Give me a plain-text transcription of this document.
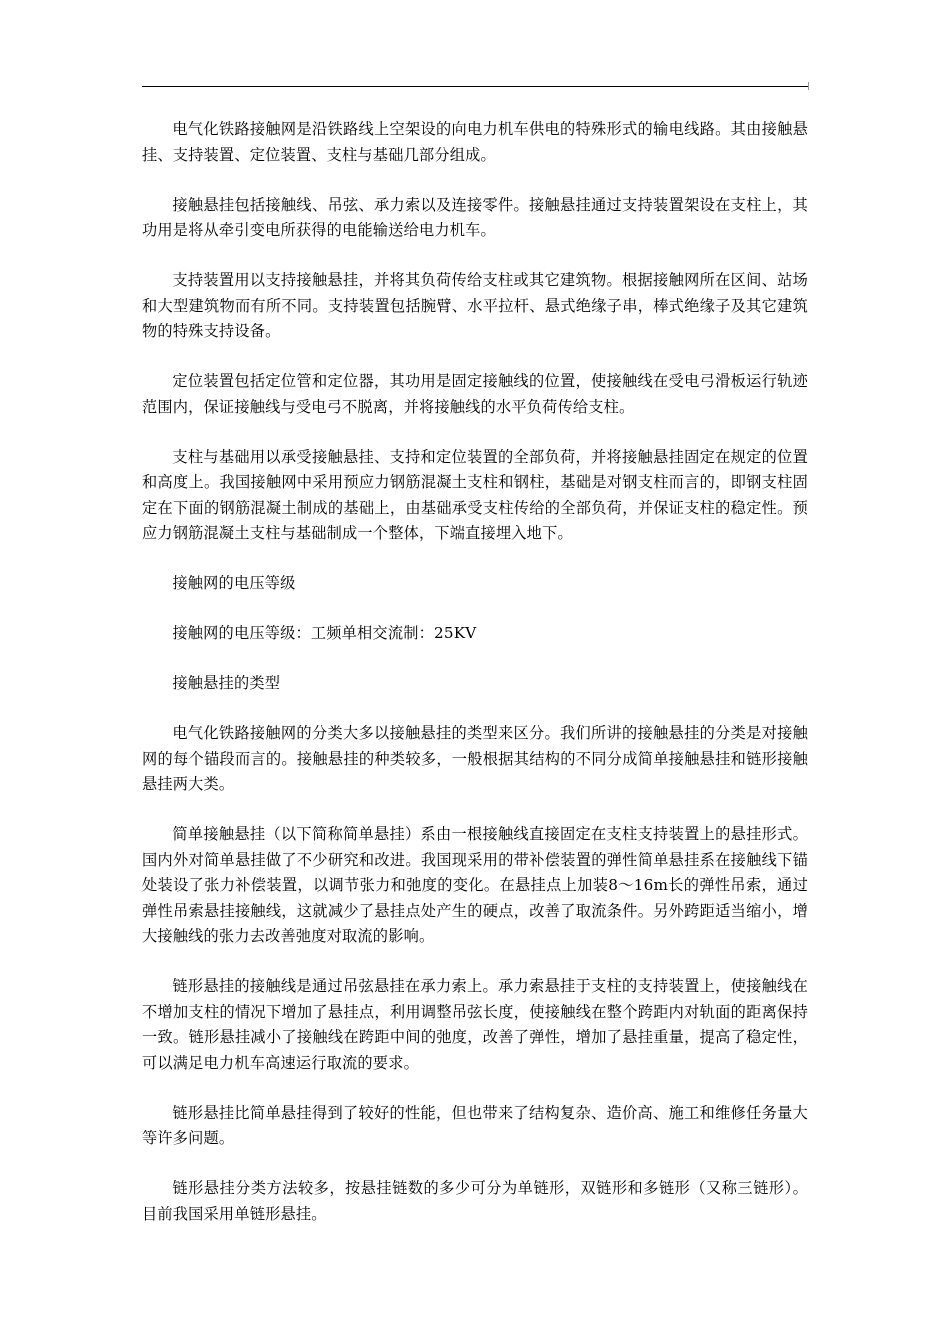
电气化铁路接触网是沿铁路线上空架设的向电力机车供电的特殊形式的输电线路。其由接触悬挂、支持装置、定位装置、支柱与基础几部分组成。

接触悬挂包括接触线、吊弦、承力索以及连接零件。接触悬挂通过支持装置架设在支柱上，其功用是将从牵引变电所获得的电能输送给电力机车。

支持装置用以支持接触悬挂，并将其负荷传给支柱或其它建筑物。根据接触网所在区间、站场和大型建筑物而有所不同。支持装置包括腕臂、水平拉杆、悬式绝缘子串，棒式绝缘子及其它建筑物的特殊支持设备。

定位装置包括定位管和定位器，其功用是固定接触线的位置，使接触线在受电弓滑板运行轨迹范围内，保证接触线与受电弓不脱离，并将接触线的水平负荷传给支柱。

支柱与基础用以承受接触悬挂、支持和定位装置的全部负荷，并将接触悬挂固定在规定的位置和高度上。我国接触网中采用预应力钢筋混凝土支柱和钢柱，基础是对钢支柱而言的，即钢支柱固定在下面的钢筋混凝土制成的基础上，由基础承受支柱传给的全部负荷，并保证支柱的稳定性。预应力钢筋混凝土支柱与基础制成一个整体，下端直接埋入地下。

接触网的电压等级

接触网的电压等级：工频单相交流制：25KV

接触悬挂的类型

电气化铁路接触网的分类大多以接触悬挂的类型来区分。我们所讲的接触悬挂的分类是对接触网的每个锚段而言的。接触悬挂的种类较多，一般根据其结构的不同分成简单接触悬挂和链形接触悬挂两大类。

简单接触悬挂（以下简称简单悬挂）系由一根接触线直接固定在支柱支持装置上的悬挂形式。国内外对简单悬挂做了不少研究和改进。我国现采用的带补偿装置的弹性简单悬挂系在接触线下锚处装设了张力补偿装置，以调节张力和弛度的变化。在悬挂点上加装8～16m长的弹性吊索，通过弹性吊索悬挂接触线，这就减少了悬挂点处产生的硬点，改善了取流条件。另外跨距适当缩小，增大接触线的张力去改善弛度对取流的影响。

链形悬挂的接触线是通过吊弦悬挂在承力索上。承力索悬挂于支柱的支持装置上，使接触线在不增加支柱的情况下增加了悬挂点，利用调整吊弦长度，使接触线在整个跨距内对轨面的距离保持一致。链形悬挂减小了接触线在跨距中间的弛度，改善了弹性，增加了悬挂重量，提高了稳定性，可以满足电力机车高速运行取流的要求。

链形悬挂比简单悬挂得到了较好的性能，但也带来了结构复杂、造价高、施工和维修任务量大等许多问题。

链形悬挂分类方法较多，按悬挂链数的多少可分为单链形，双链形和多链形（又称三链形）。目前我国采用单链形悬挂。
